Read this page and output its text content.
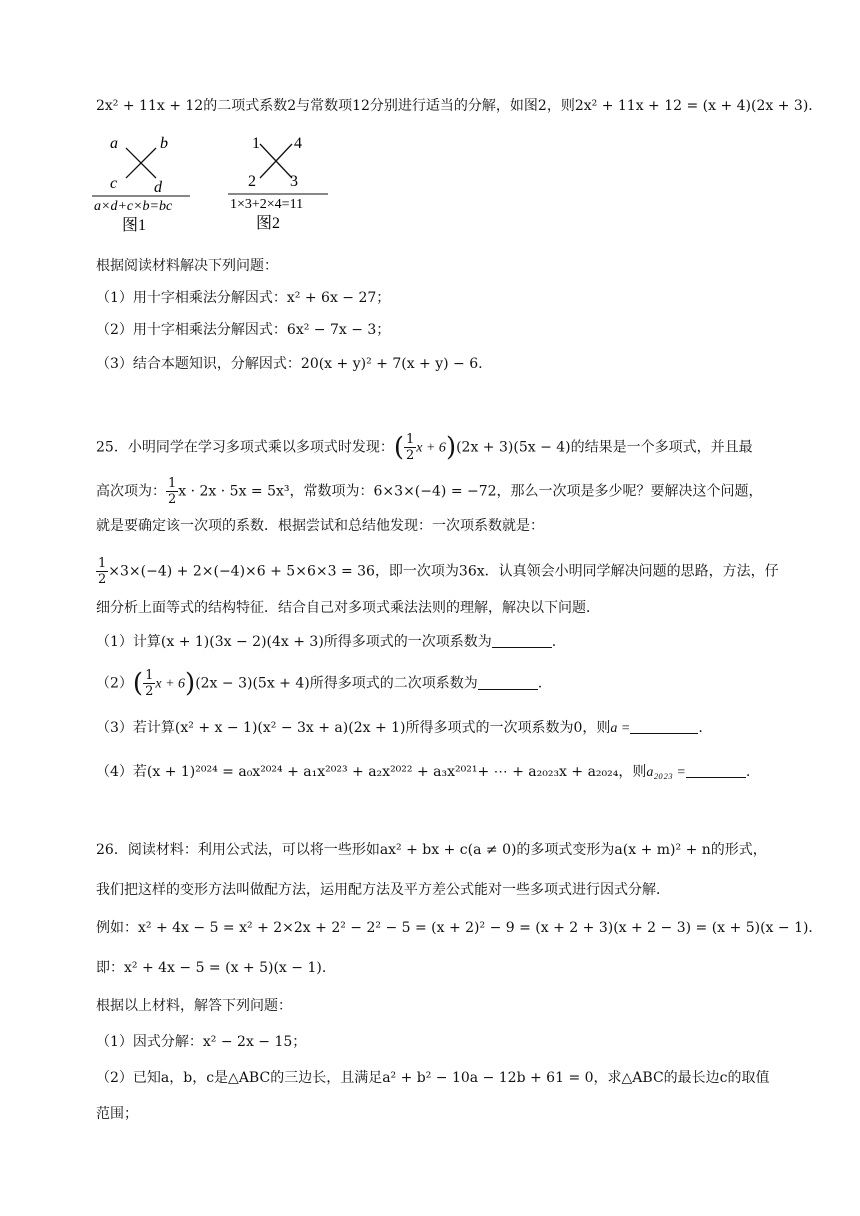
2x² + 11x + 12的二项式系数2与常数项12分别进行适当的分解，如图2，则2x² + 11x + 12 = (x + 4)(2x + 3).
a	b
c d
a×d+c×b=bc
图1
1 4
2 3
1×3+2×4=11
图2
根据阅读材料解决下列问题：
（1）用十字相乘法分解因式：x² + 6x − 27；
（2）用十字相乘法分解因式：6x² − 7x − 3；
（3）结合本题知识，分解因式：20(x + y)² + 7(x + y) − 6.
25．小明同学在学习多项式乘以多项式时发现：( $\frac{1}{2}$ x + 6)(2x + 3)(5x − 4)的结果是一个多项式，并且最
高次项为： $\frac{1}{2}$ x · 2x · 5x = 5x³，常数项为：6×3×(−4) = −72，那么一次项是多少呢？要解决这个问题，
就是要确定该一次项的系数．根据尝试和总结他发现：一次项系数就是：
$\frac{1}{2} \times 3\times(-4) + 2\times(-4)\times 6 + 5\times 6\times 3 = 36$，即一次项为36x．认真领会小明同学解决问题的思路，方法，仔
细分析上面等式的结构特征．结合自己对多项式乘法法则的理解，解决以下问题．
（1）计算(x + 1)(3x − 2)(4x + 3)所得多项式的一次项系数为	.
$(2)( \frac{1}{2}$ x + 6)(2x − 3)(5x + 4)所得多项式的二次项系数为	.
（3）若计算(x² + x − 1)(x² − 3x + a)(2x + 1)所得多项式的一次项系数为0，则a =	.
（4）若(x + 1)²⁰²⁴ = a₀x²⁰²⁴ + a₁x²⁰²³ + a₂x²⁰²² + a₃x²⁰²¹+ ⋯ + a₂₀₂₃x + a₂₀₂₄，则a₂₀₂₃ =	.
26．阅读材料：利用公式法，可以将一些形如ax² + bx + c(a ≠ 0)的多项式变形为a(x + m)² + n的形式，
我们把这样的变形方法叫做配方法，运用配方法及平方差公式能对一些多项式进行因式分解．
例如：x² + 4x − 5 = x² + 2×2x + 2² − 2² − 5 = (x + 2)² − 9 = (x + 2 + 3)(x + 2 − 3) = (x + 5)(x − 1)．
即：x² + 4x − 5 = (x + 5)(x − 1).
根据以上材料，解答下列问题：
（1）因式分解：x² − 2x − 15；
（2）已知a，b，c是△ABC的三边长，且满足a² + b² − 10a − 12b + 61 = 0，求△ABC的最长边c的取值
范围；
